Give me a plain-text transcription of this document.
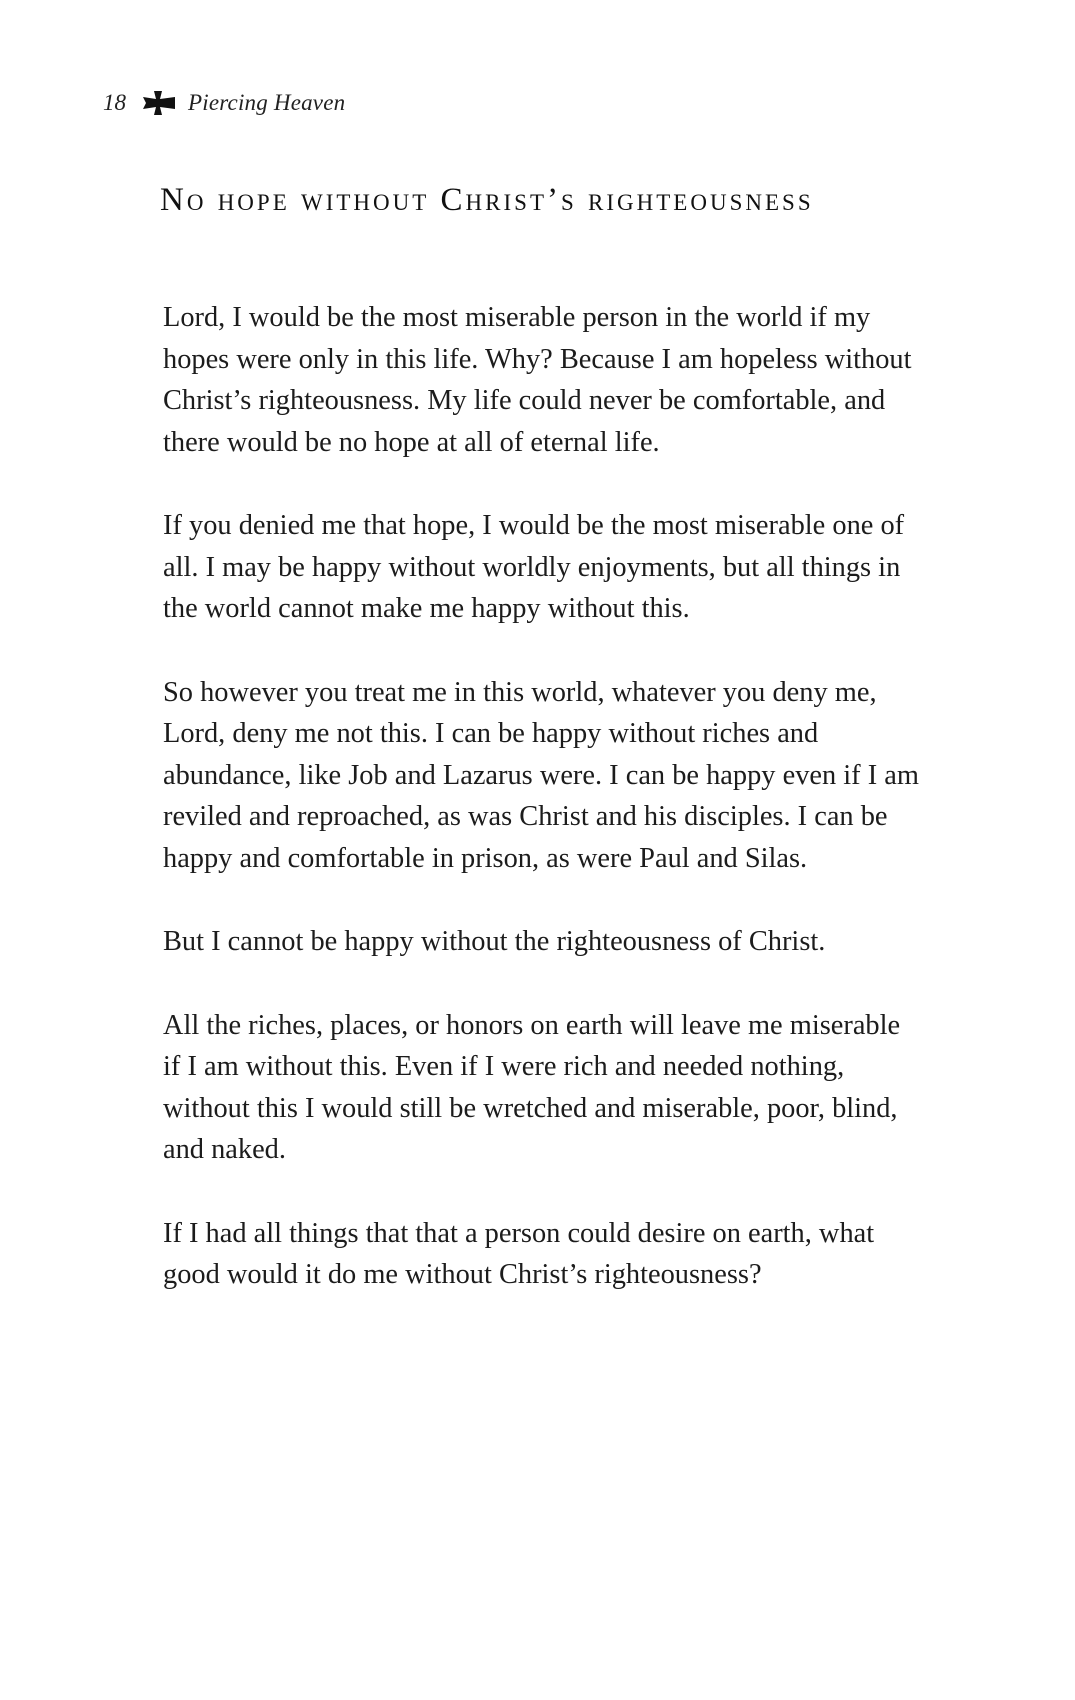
18	Piercing Heaven
No hope without Christ’s righteousness

Lord, I would be the most miserable person in the world if my hopes were only in this life. Why? Because I am hopeless without Christ’s righteousness. My life could never be comfortable, and there would be no hope at all of eternal life.

If you denied me that hope, I would be the most miserable one of all. I may be happy without worldly enjoyments, but all things in the world cannot make me happy without this.

So however you treat me in this world, whatever you deny me, Lord, deny me not this. I can be happy without riches and abundance, like Job and Lazarus were. I can be happy even if I am reviled and reproached, as was Christ and his disciples. I can be happy and comfortable in prison, as were Paul and Silas.

But I cannot be happy without the righteousness of Christ.

All the riches, places, or honors on earth will leave me miserable if I am without this. Even if I were rich and needed nothing, without this I would still be wretched and miserable, poor, blind, and naked.

If I had all things that that a person could desire on earth, what good would it do me without Christ’s righteousness?
